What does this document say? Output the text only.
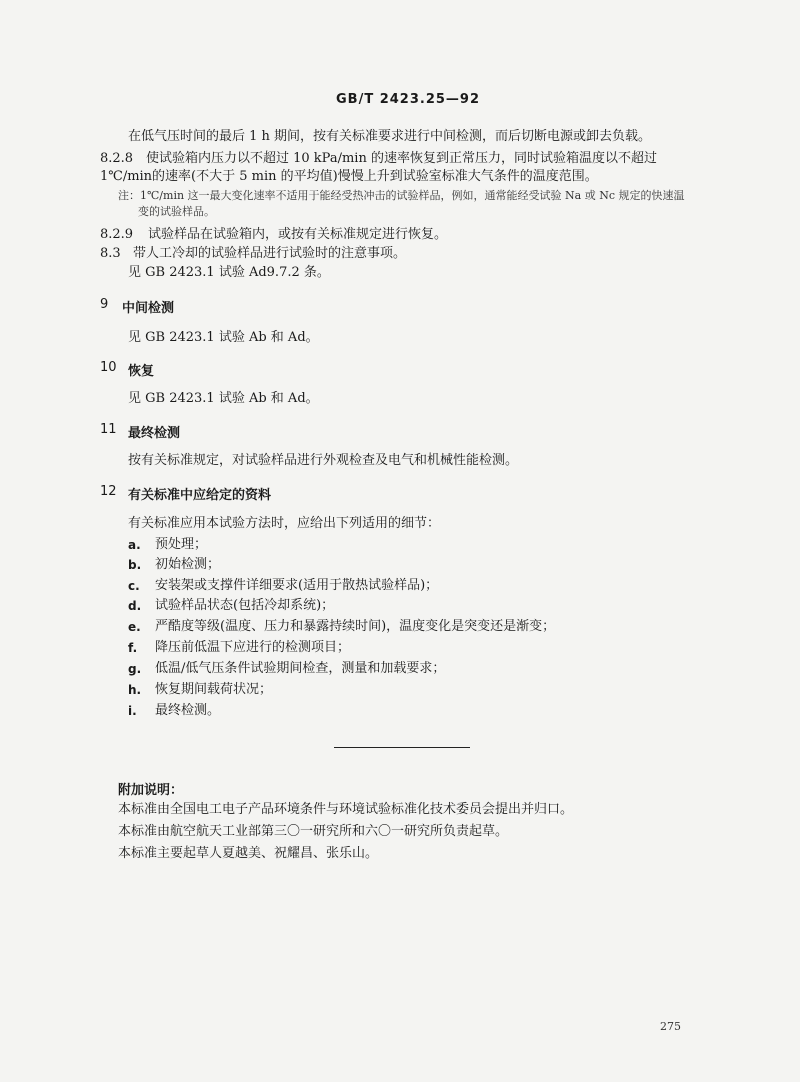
GB/T 2423.25—92
在低气压时间的最后 1 h 期间，按有关标准要求进行中间检测，而后切断电源或卸去负载。
8.2.8 使试验箱内压力以不超过 10 kPa/min 的速率恢复到正常压力，同时试验箱温度以不超过
1℃/min的速率(不大于 5 min 的平均值)慢慢上升到试验室标准大气条件的温度范围。
注：1℃/min 这一最大变化速率不适用于能经受热冲击的试验样品，例如，通常能经受试验 Na 或 Nc 规定的快速温
变的试验样品。
8.2.9 试验样品在试验箱内，或按有关标准规定进行恢复。
8.3 带人工冷却的试验样品进行试验时的注意事项。
见 GB 2423.1 试验 Ad9.7.2 条。
9 中间检测
见 GB 2423.1 试验 Ab 和 Ad。
10 恢复
见 GB 2423.1 试验 Ab 和 Ad。
11 最终检测
按有关标准规定，对试验样品进行外观检查及电气和机械性能检测。
12 有关标准中应给定的资料
有关标准应用本试验方法时，应给出下列适用的细节：
a. 预处理；
b. 初始检测；
c. 安装架或支撑件详细要求(适用于散热试验样品)；
d. 试验样品状态(包括冷却系统)；
e. 严酷度等级(温度、压力和暴露持续时间)，温度变化是突变还是渐变；
f. 降压前低温下应进行的检测项目；
g. 低温/低气压条件试验期间检查，测量和加载要求；
h. 恢复期间载荷状况；
i. 最终检测。
附加说明：
本标准由全国电工电子产品环境条件与环境试验标准化技术委员会提出并归口。
本标准由航空航天工业部第三〇一研究所和六〇一研究所负责起草。
本标准主要起草人夏越美、祝耀昌、张乐山。
275
